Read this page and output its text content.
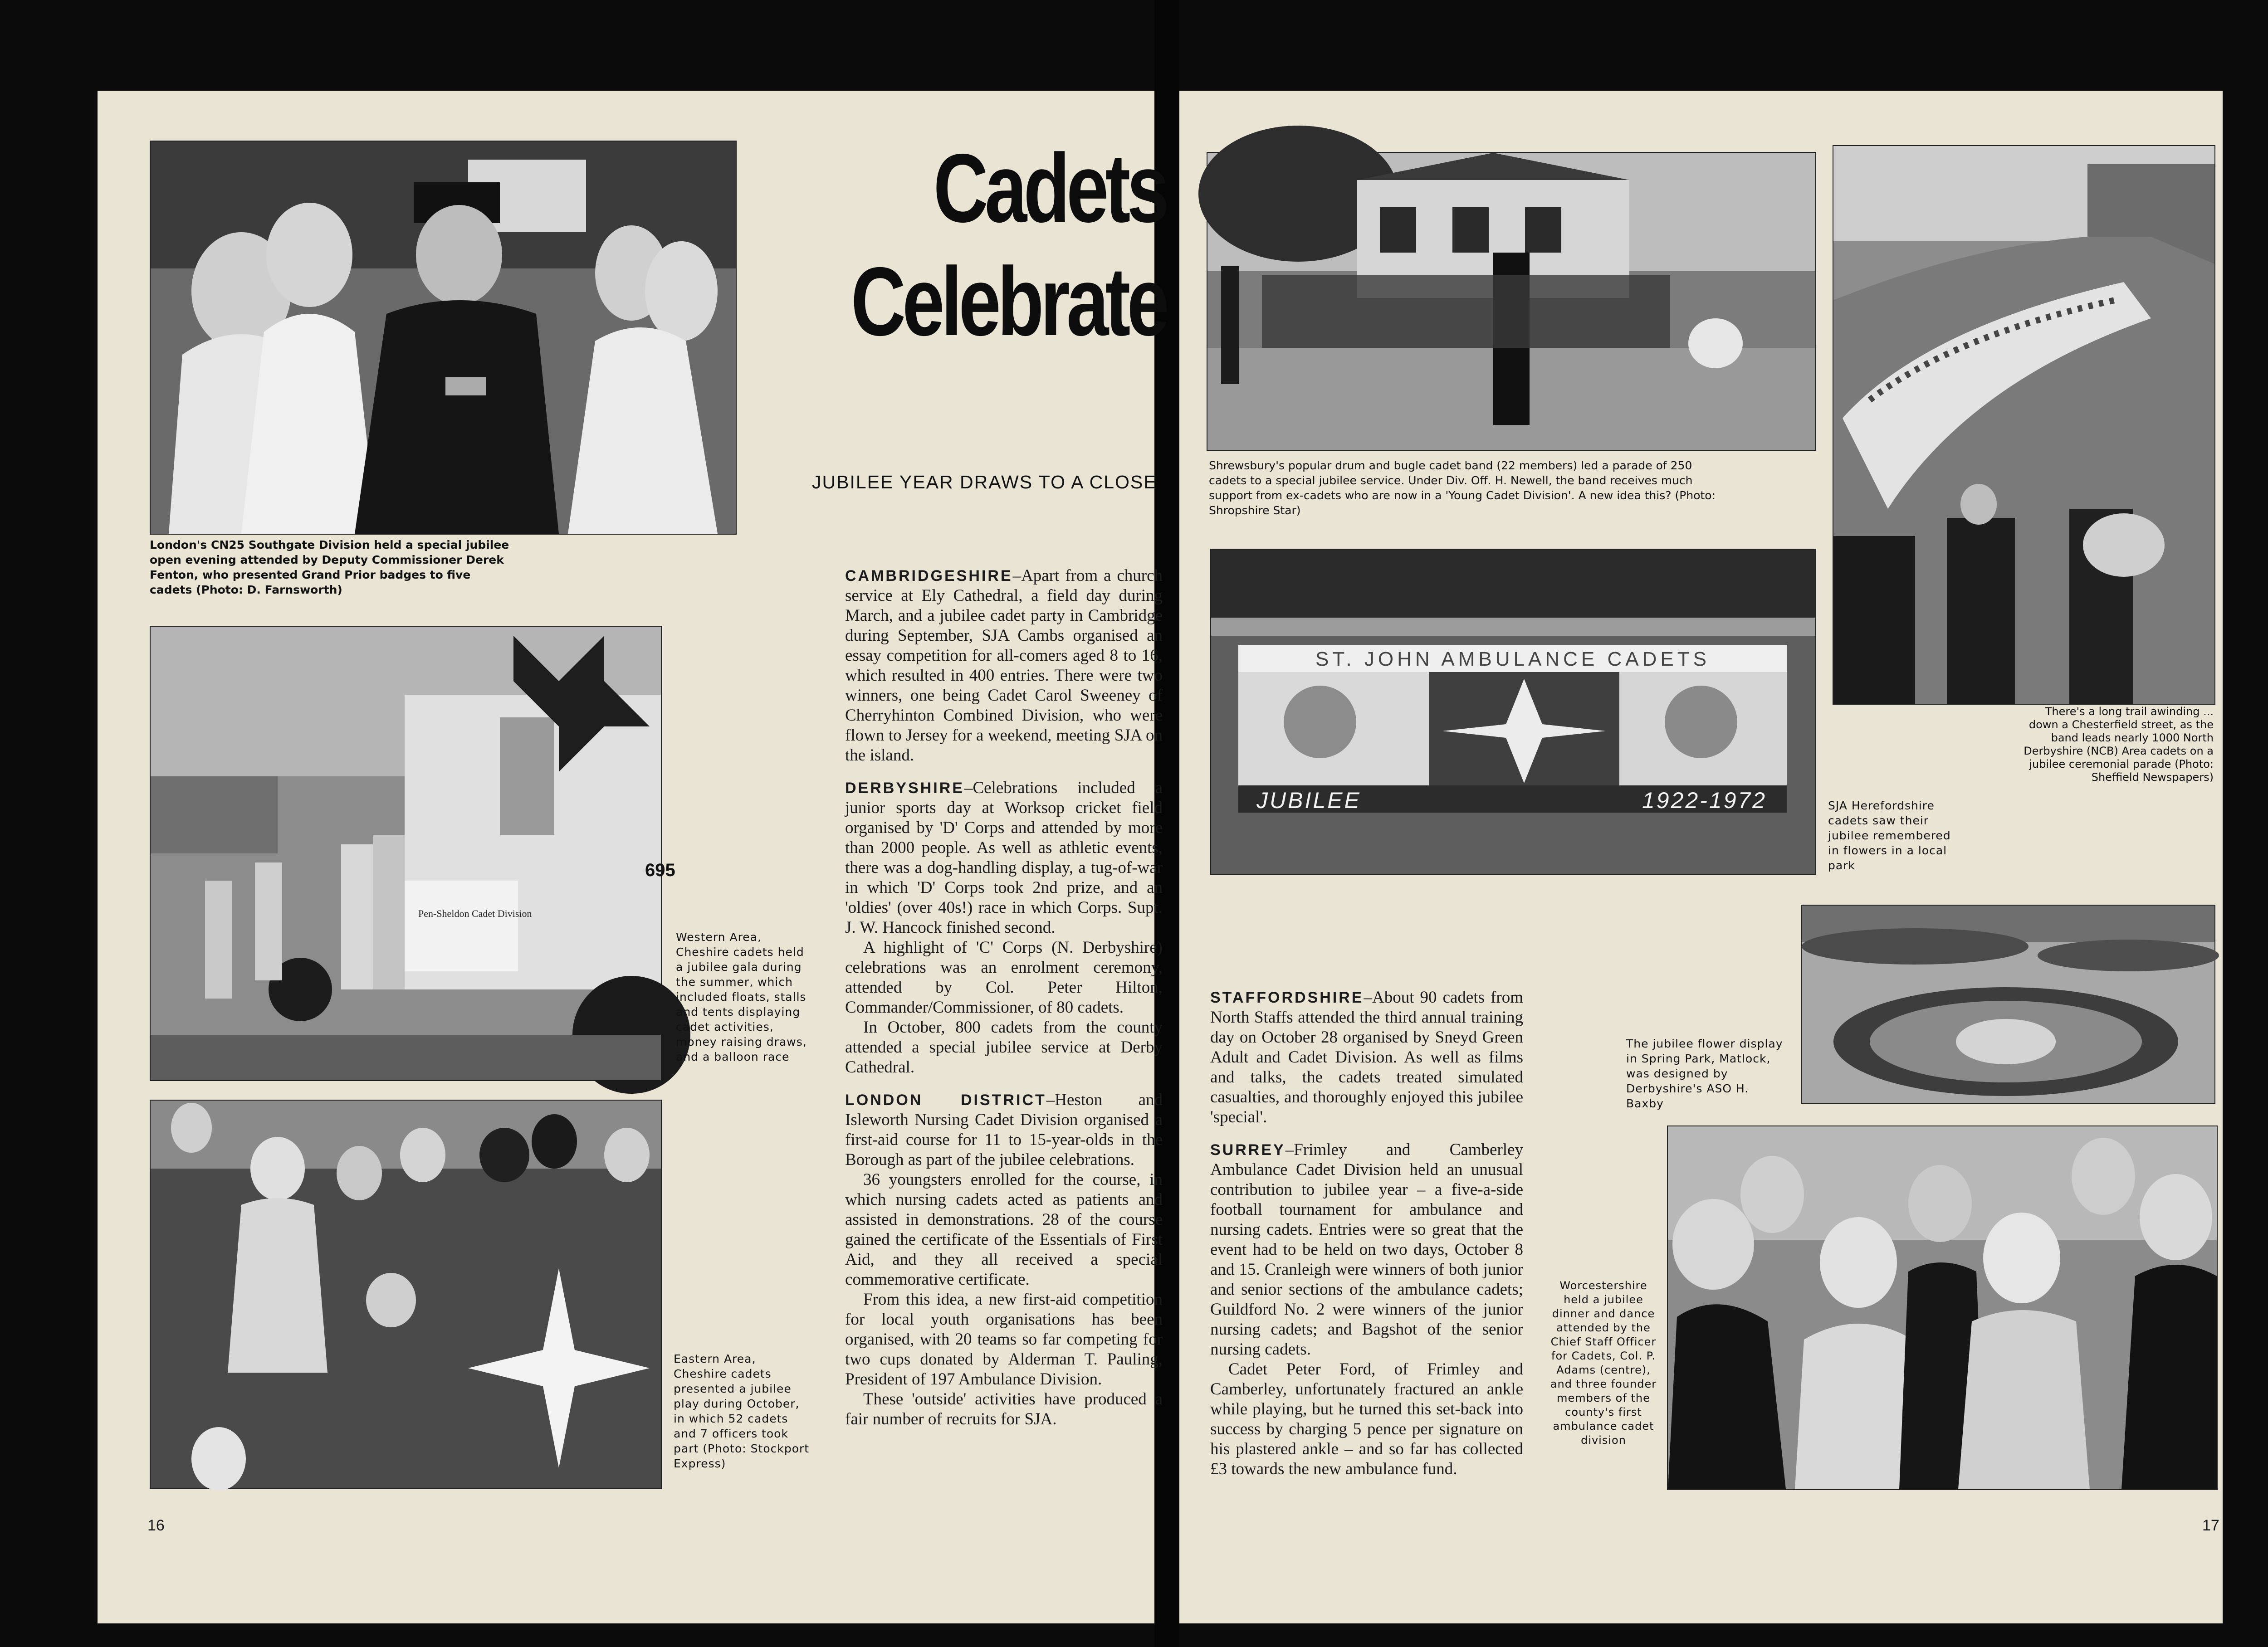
London's CN25 Southgate Division held a special jubilee open evening attended by Deputy Commissioner Derek Fenton, who presented Grand Prior badges to five cadets (Photo: D. Farnsworth)
695
Pen-Sheldon Cadet Division
Western Area, Cheshire cadets held a jubilee gala during the summer, which included floats, stalls and tents displaying cadet activities, money raising draws, and a balloon race
Eastern Area, Cheshire cadets presented a jubilee play during October, in which 52 cadets and 7 officers took part (Photo: Stockport Express)
Cadets
Celebrate
JUBILEE YEAR DRAWS TO A CLOSE

CAMBRIDGESHIRE–Apart from a church service at Ely Cathedral, a field day during March, and a jubilee cadet party in Cambridge during September, SJA Cambs organised an essay competition for all-comers aged 8 to 16, which resulted in 400 entries. There were two winners, one being Cadet Carol Sweeney of Cherryhinton Combined Division, who were flown to Jersey for a weekend, meeting SJA on the island.

DERBYSHIRE–Celebrations included a junior sports day at Worksop cricket field organised by 'D' Corps and attended by more than 2000 people. As well as athletic events, there was a dog-handling display, a tug-of-war in which 'D' Corps took 2nd prize, and an 'oldies' (over 40s!) race in which Corps. Supt. J. W. Hancock finished second.

A highlight of 'C' Corps (N. Derbyshire) celebrations was an enrolment ceremony, attended by Col. Peter Hilton, Commander/Commissioner, of 80 cadets.

In October, 800 cadets from the county attended a special jubilee service at Derby Cathedral.

LONDON DISTRICT–Heston and Isleworth Nursing Cadet Division organised a first-aid course for 11 to 15-year-olds in the Borough as part of the jubilee celebrations.

36 youngsters enrolled for the course, in which nursing cadets acted as patients and assisted in demonstrations. 28 of the course gained the certificate of the Essentials of First Aid, and they all received a special commemorative certificate.

From this idea, a new first-aid competition for local youth organisations has been organised, with 20 teams so far competing for two cups donated by Alderman T. Pauling, President of 197 Ambulance Division.

These 'outside' activities have produced a fair number of recruits for SJA.

16
Shrewsbury's popular drum and bugle cadet band (22 members) led a parade of 250 cadets to a special jubilee service. Under Div. Off. H. Newell, the band receives much support from ex-cadets who are now in a 'Young Cadet Division'. A new idea this? (Photo: Shropshire Star)
There's a long trail awinding ... down a Chesterfield street, as the band leads nearly 1000 North Derbyshire (NCB) Area cadets on a jubilee ceremonial parade (Photo: Sheffield Newspapers)
ST. JOHN AMBULANCE CADETS
JUBILEE	1922-1972	SJA Herefordshire cadets saw their jubilee remembered in flowers in a local park
The jubilee flower display in Spring Park, Matlock, was designed by Derbyshire's ASO H. Baxby
Worcestershire held a jubilee dinner and dance attended by the Chief Staff Officer for Cadets, Col. P. Adams (centre), and three founder members of the county's first ambulance cadet division

STAFFORDSHIRE–About 90 cadets from North Staffs attended the third annual training day on October 28 organised by Sneyd Green Adult and Cadet Division. As well as films and talks, the cadets treated simulated casualties, and thoroughly enjoyed this jubilee 'special'.

SURREY–Frimley and Camberley Ambulance Cadet Division held an unusual contribution to jubilee year – a five-a-side football tournament for ambulance and nursing cadets. Entries were so great that the event had to be held on two days, October 8 and 15. Cranleigh were winners of both junior and senior sections of the ambulance cadets; Guildford No. 2 were winners of the junior nursing cadets; and Bagshot of the senior nursing cadets.

Cadet Peter Ford, of Frimley and Camberley, unfortunately fractured an ankle while playing, but he turned this set-back into success by charging 5 pence per signature on his plastered ankle – and so far has collected £3 towards the new ambulance fund.

17
